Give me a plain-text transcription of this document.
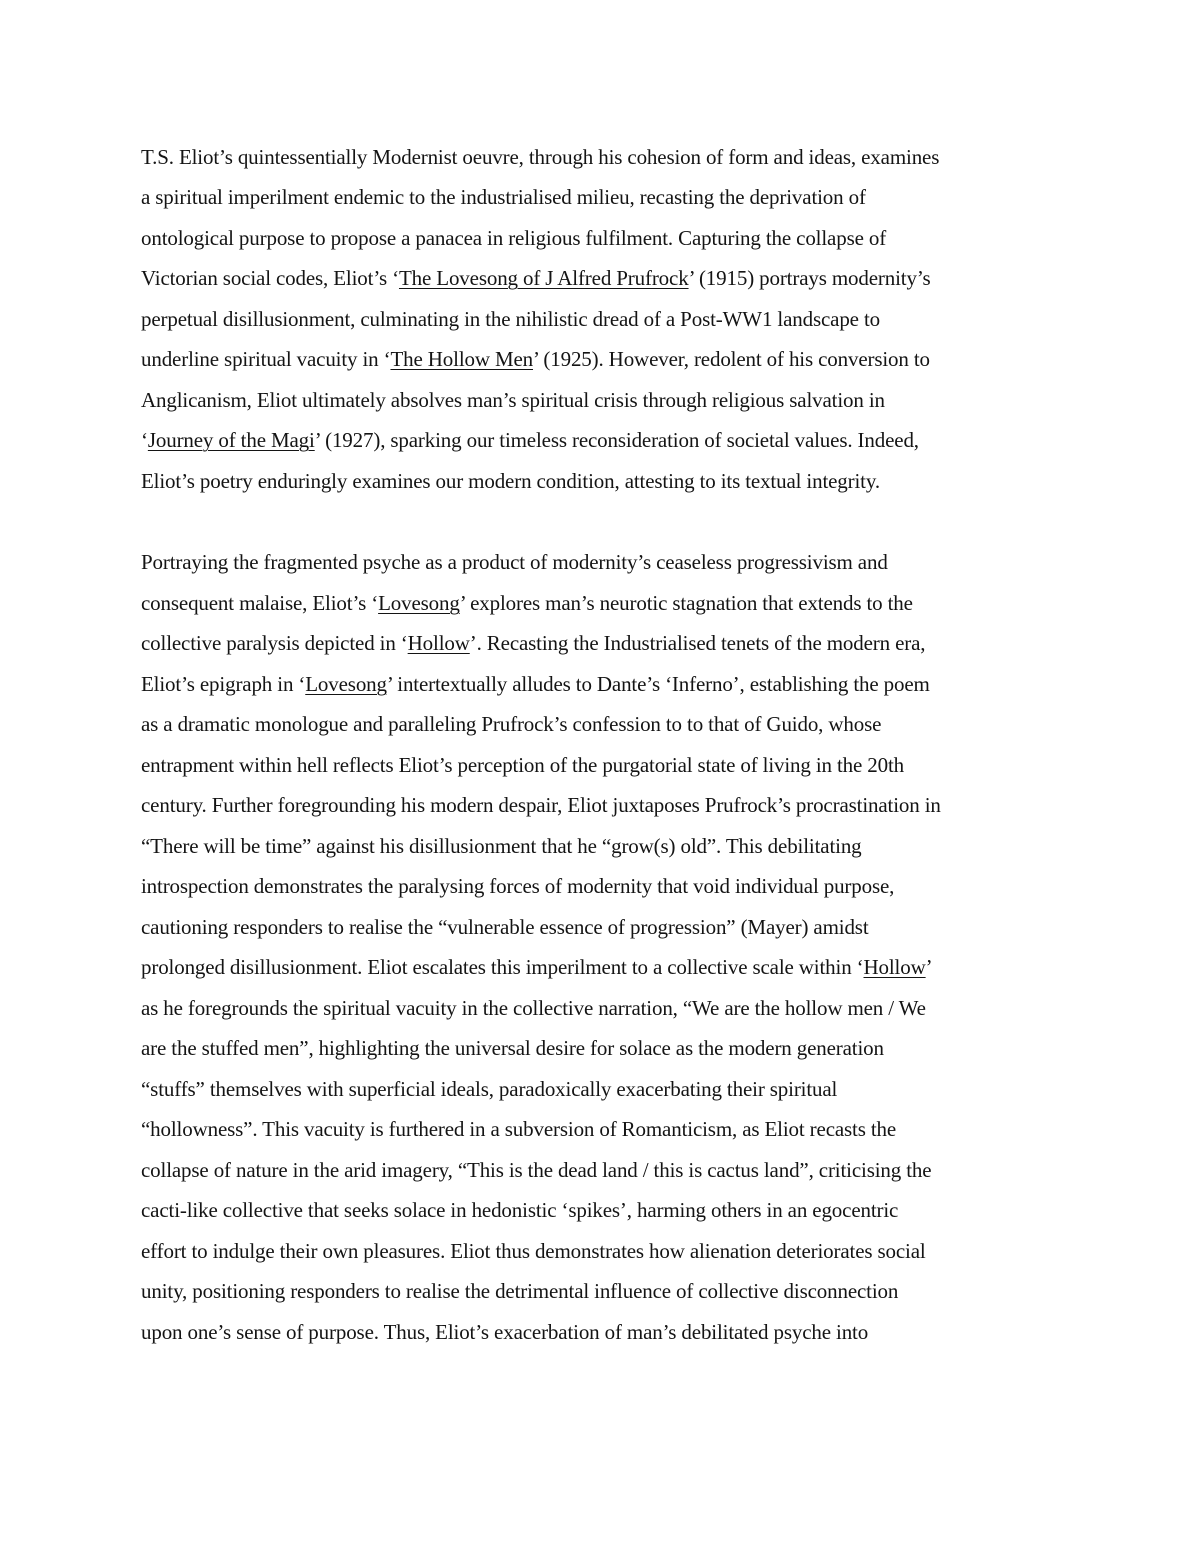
T.S. Eliot’s quintessentially Modernist oeuvre, through his cohesion of form and ideas, examines

a spiritual imperilment endemic to the industrialised milieu, recasting the deprivation of

ontological purpose to propose a panacea in religious fulfilment. Capturing the collapse of

Victorian social codes, Eliot’s ‘The Lovesong of J Alfred Prufrock’ (1915) portrays modernity’s

perpetual disillusionment, culminating in the nihilistic dread of a Post-WW1 landscape to

underline spiritual vacuity in ‘The Hollow Men’ (1925). However, redolent of his conversion to

Anglicanism, Eliot ultimately absolves man’s spiritual crisis through religious salvation in

‘Journey of the Magi’ (1927), sparking our timeless reconsideration of societal values. Indeed,

Eliot’s poetry enduringly examines our modern condition, attesting to its textual integrity.

Portraying the fragmented psyche as a product of modernity’s ceaseless progressivism and

consequent malaise, Eliot’s ‘Lovesong’ explores man’s neurotic stagnation that extends to the

collective paralysis depicted in ‘Hollow’. Recasting the Industrialised tenets of the modern era,

Eliot’s epigraph in ‘Lovesong’ intertextually alludes to Dante’s ‘Inferno’, establishing the poem

as a dramatic monologue and paralleling Prufrock’s confession to to that of Guido, whose

entrapment within hell reflects Eliot’s perception of the purgatorial state of living in the 20th

century. Further foregrounding his modern despair, Eliot juxtaposes Prufrock’s procrastination in

“There will be time” against his disillusionment that he “grow(s) old”. This debilitating

introspection demonstrates the paralysing forces of modernity that void individual purpose,

cautioning responders to realise the “vulnerable essence of progression” (Mayer) amidst

prolonged disillusionment. Eliot escalates this imperilment to a collective scale within ‘Hollow’

as he foregrounds the spiritual vacuity in the collective narration, “We are the hollow men / We

are the stuffed men”, highlighting the universal desire for solace as the modern generation

“stuffs” themselves with superficial ideals, paradoxically exacerbating their spiritual

“hollowness”. This vacuity is furthered in a subversion of Romanticism, as Eliot recasts the

collapse of nature in the arid imagery, “This is the dead land / this is cactus land”, criticising the

cacti-like collective that seeks solace in hedonistic ‘spikes’, harming others in an egocentric

effort to indulge their own pleasures. Eliot thus demonstrates how alienation deteriorates social

unity, positioning responders to realise the detrimental influence of collective disconnection

upon one’s sense of purpose. Thus, Eliot’s exacerbation of man’s debilitated psyche into
